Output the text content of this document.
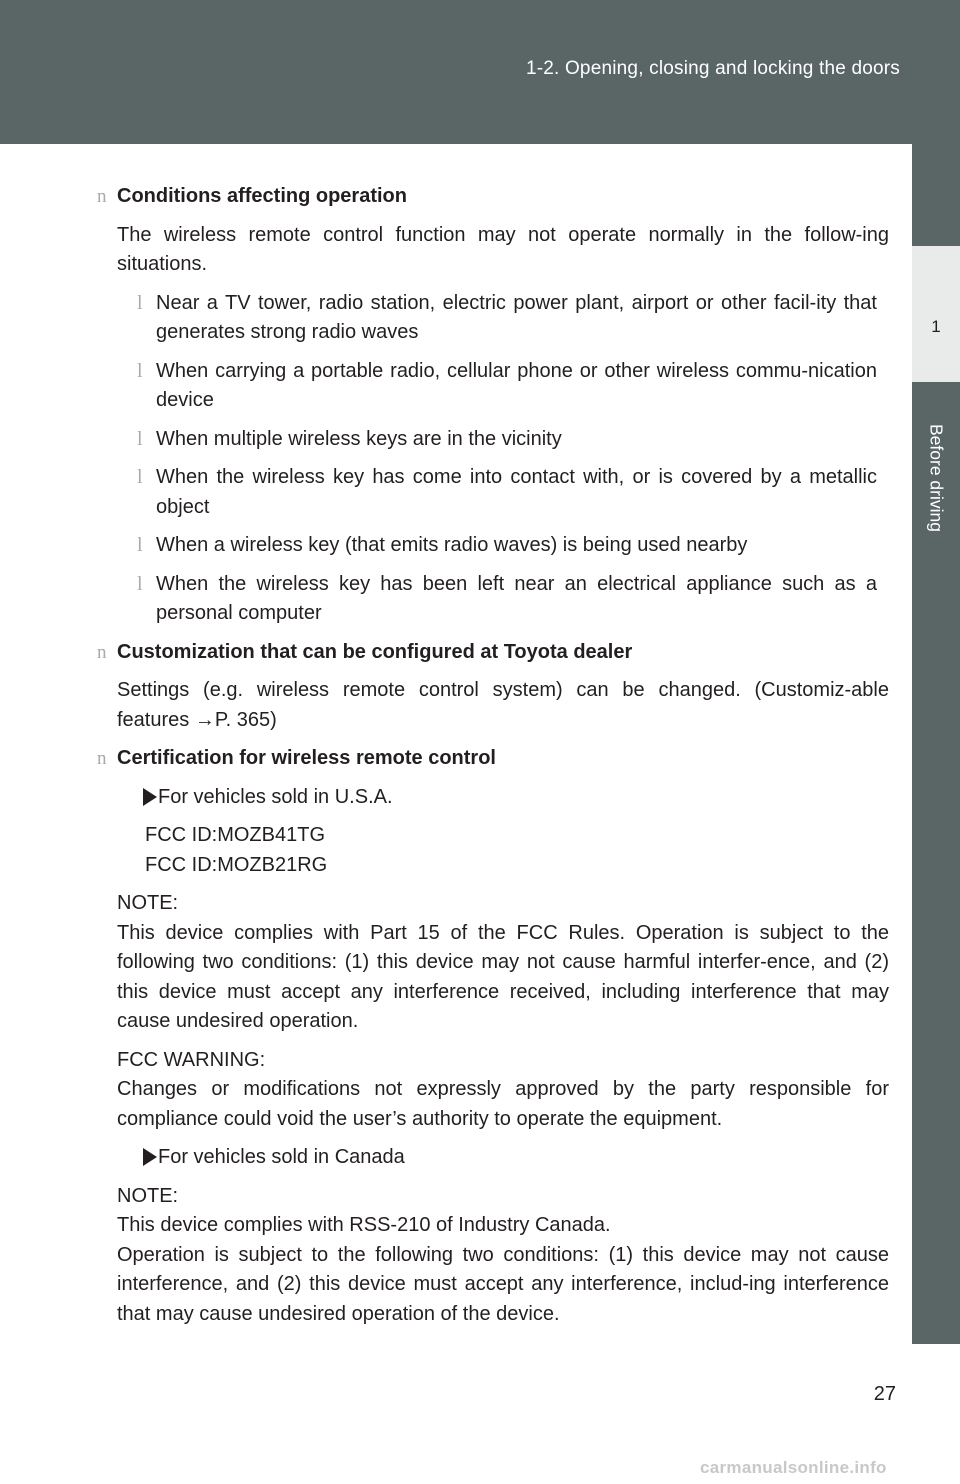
1-2. Opening, closing and locking the doors
1
Before driving
n Conditions affecting operation
The wireless remote control function may not operate normally in the follow-ing situations.
l Near a TV tower, radio station, electric power plant, airport or other facil-ity that generates strong radio waves
l When carrying a portable radio, cellular phone or other wireless commu-nication device
l When multiple wireless keys are in the vicinity
l When the wireless key has come into contact with, or is covered by a metallic object
l When a wireless key (that emits radio waves) is being used nearby
l When the wireless key has been left near an electrical appliance such as a personal computer
n Customization that can be configured at Toyota dealer
Settings (e.g. wireless remote control system) can be changed. (Customiz-able features →P. 365)
n Certification for wireless remote control
For vehicles sold in U.S.A.
FCC ID:MOZB41TG
FCC ID:MOZB21RG
NOTE:
This device complies with Part 15 of the FCC Rules. Operation is subject to the following two conditions: (1) this device may not cause harmful interfer-ence, and (2) this device must accept any interference received, including interference that may cause undesired operation.
FCC WARNING:
Changes or modifications not expressly approved by the party responsible for compliance could void the user’s authority to operate the equipment.
For vehicles sold in Canada
NOTE:
This device complies with RSS-210 of Industry Canada.
Operation is subject to the following two conditions: (1) this device may not cause interference, and (2) this device must accept any interference, includ-ing interference that may cause undesired operation of the device.
27
carmanualsonline.info
